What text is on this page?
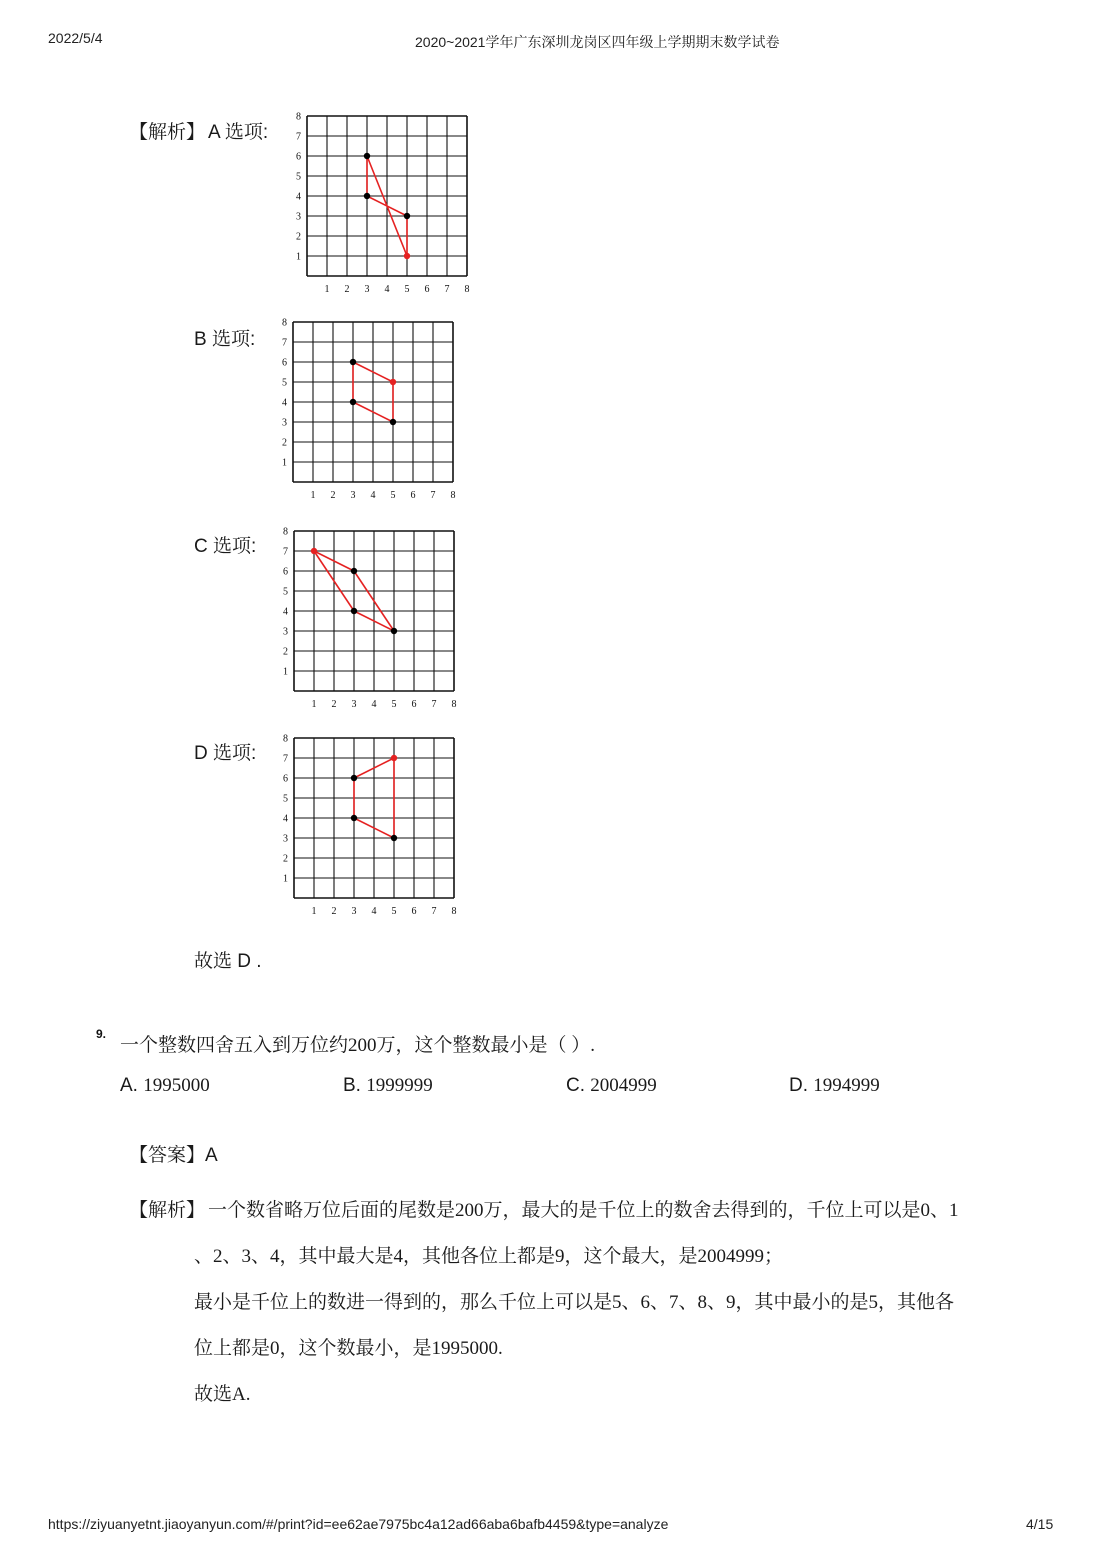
2022/5/4	2020~2021学年广东深圳龙岗区四年级上学期期末数学试卷
【解析】 A 选项:
B 选项:
C 选项:
D 选项:
1 2 3 4 5 6 7 8
1
2
3
4
5
6
7
8
1 2 3 4 5 6 7 8
1
2
3
4
5
6
7
8
1 2 3 4 5 6 7 8
1
2
3
4
5
6
7
8
1 2 3 4 5 6 7 8
1
2
3
4
5
6
7
8
故选 D .
9.
一个整数四舍五入到万位约200万，这个整数最小是（ ）.
A. 1995000	B. 1999999	C. 2004999	D. 1994999
【答案】A
【解析】 一个数省略万位后面的尾数是200万，最大的是千位上的数舍去得到的，千位上可以是0、1
、2、3、4，其中最大是4，其他各位上都是9，这个最大，是2004999；
最小是千位上的数进一得到的，那么千位上可以是5、6、7、8、9，其中最小的是5，其他各
位上都是0，这个数最小，是1995000.
故选A.
https://ziyuanyetnt.jiaoyanyun.com/#/print?id=ee62ae7975bc4a12ad66aba6bafb4459&type=analyze	4/15
